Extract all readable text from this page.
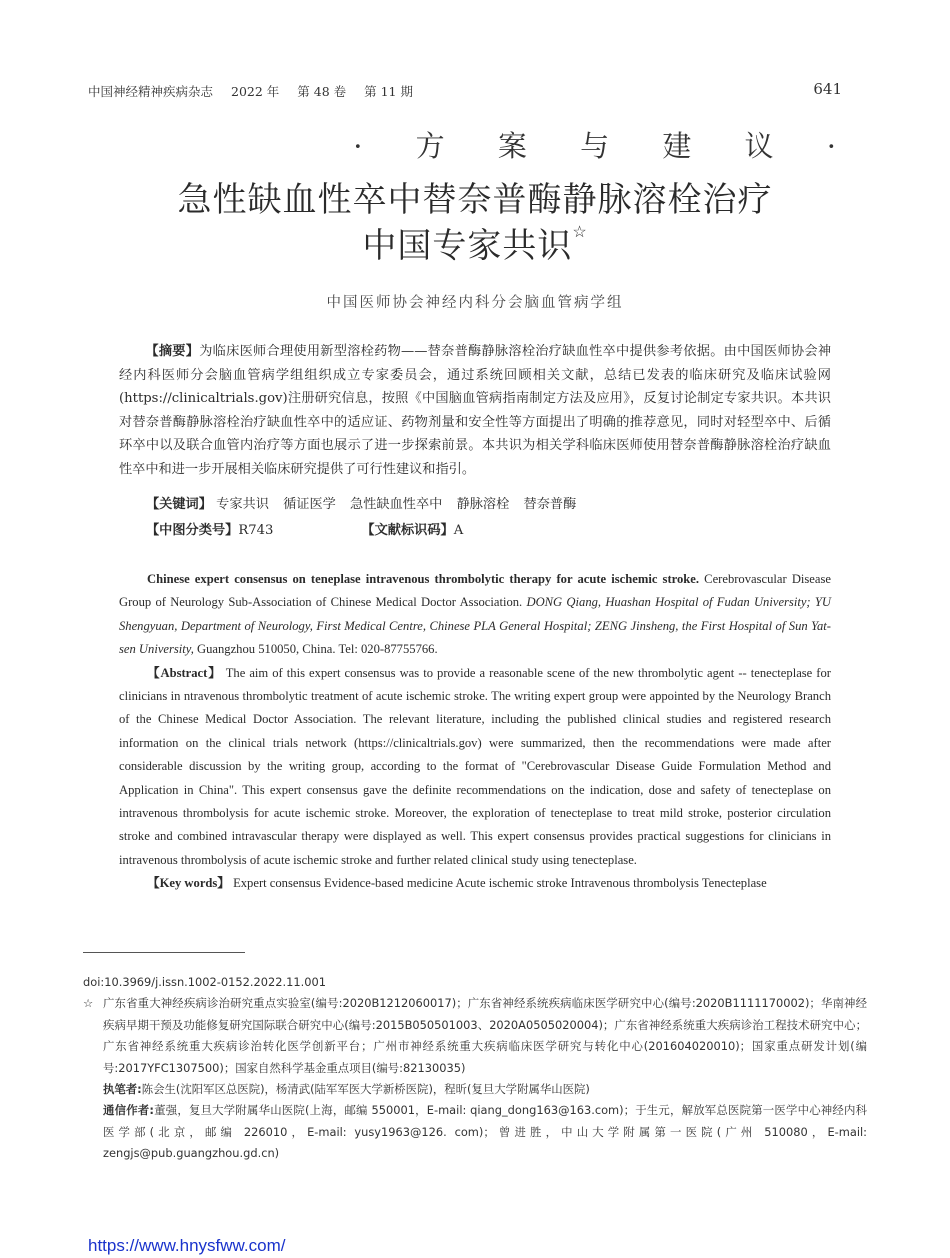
中国神经精神疾病杂志 2022 年 第 48 卷 第 11 期	641
· 方 案 与 建 议 ·
急性缺血性卒中替奈普酶静脉溶栓治疗
中国专家共识☆
中国医师协会神经内科分会脑血管病学组
【摘要】为临床医师合理使用新型溶栓药物——替奈普酶静脉溶栓治疗缺血性卒中提供参考依据。由中国医师协会神经内科医师分会脑血管病学组组织成立专家委员会，通过系统回顾相关文献，总结已发表的临床研究及临床试验网(https://clinicaltrials.gov)注册研究信息，按照《中国脑血管病指南制定方法及应用》，反复讨论制定专家共识。本共识对替奈普酶静脉溶栓治疗缺血性卒中的适应证、药物剂量和安全性等方面提出了明确的推荐意见，同时对轻型卒中、后循环卒中以及联合血管内治疗等方面也展示了进一步探索前景。本共识为相关学科临床医师使用替奈普酶静脉溶栓治疗缺血性卒中和进一步开展相关临床研究提供了可行性建议和指引。
【关键词】 专家共识 循证医学 急性缺血性卒中 静脉溶栓 替奈普酶
【中图分类号】R743	【文献标识码】A

Chinese expert consensus on teneplase intravenous thrombolytic therapy for acute ischemic stroke. Cerebrovascular Disease Group of Neurology Sub-Association of Chinese Medical Doctor Association. DONG Qiang, Huashan Hospital of Fudan University; YU Shengyuan, Department of Neurology, First Medical Centre, Chinese PLA General Hospital; ZENG Jinsheng, the First Hospital of Sun Yat-sen University, Guangzhou 510050, China. Tel: 020-87755766.

【Abstract】 The aim of this expert consensus was to provide a reasonable scene of the new thrombolytic agent -- tenecteplase for clinicians in ntravenous thrombolytic treatment of acute ischemic stroke. The writing expert group were appointed by the Neurology Branch of the Chinese Medical Doctor Association. The relevant literature, including the published clinical studies and registered research information on the clinical trials network (https://clinicaltrials.gov) were summarized, then the recommendations were made after considerable discussion by the writing group, according to the format of "Cerebrovascular Disease Guide Formulation Method and Application in China". This expert consensus gave the definite recommendations on the indication, dose and safety of tenecteplase on intravenous thrombolysis for acute ischemic stroke. Moreover, the exploration of tenecteplase to treat mild stroke, posterior circulation stroke and combined intravascular therapy were displayed as well. This expert consensus provides practical suggestions for clinicians in intravenous thrombolysis of acute ischemic stroke and further related clinical study using tenecteplase.

【Key words】 Expert consensus Evidence-based medicine Acute ischemic stroke Intravenous thrombolysis Tenecteplase

doi:10.3969/j.issn.1002-0152.2022.11.001
☆ 广东省重大神经疾病诊治研究重点实验室(编号:2020B1212060017)；广东省神经系统疾病临床医学研究中心(编号:2020B1111170002)；华南神经疾病早期干预及功能修复研究国际联合研究中心(编号:2015B050501003、2020A0505020004)；广东省神经系统重大疾病诊治工程技术研究中心；广东省神经系统重大疾病诊治转化医学创新平台；广州市神经系统重大疾病临床医学研究与转化中心(201604020010)；国家重点研发计划(编号:2017YFC1307500)；国家自然科学基金重点项目(编号:82130035)
执笔者:陈会生(沈阳军区总医院)，杨清武(陆军军医大学新桥医院)，程昕(复旦大学附属华山医院)
通信作者:董强，复旦大学附属华山医院(上海，邮编 550001，E-mail: qiang_dong163@163.com)；于生元，解放军总医院第一医学中心神经内科医学部(北京，邮编 226010，E-mail: yusy1963@126. com)；曾进胜，中山大学附属第一医院(广州 510080，E-mail: zengjs@pub.guangzhou.gd.cn)
https://www.hnysfww.com/
